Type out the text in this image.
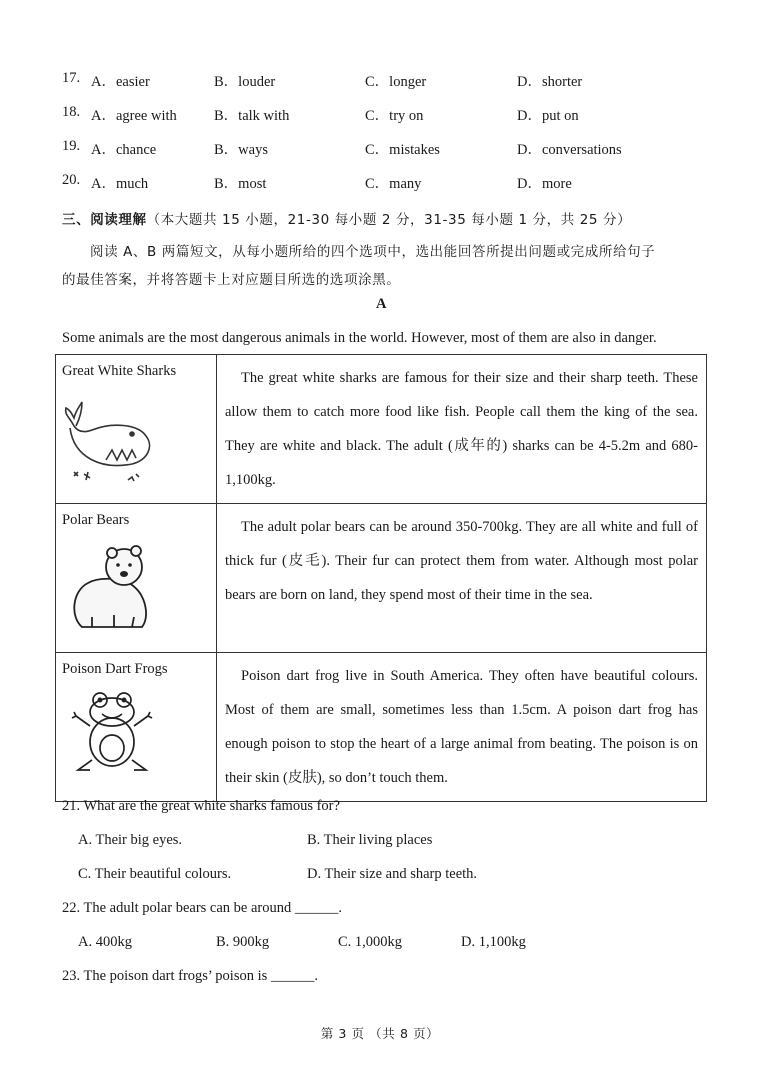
17. A．easier	B．louder	C．longer	D．shorter
18. A．agree with	B．talk with	C．try on	D．put on
19. A．chance	B．ways	C．mistakes	D．conversations
20. A．much	B．most	C．many	D．more
三、阅读理解（本大题共 15 小题，21-30 每小题 2 分，31-35 每小题 1 分，共 25 分）
阅读 A、B 两篇短文，从每小题所给的四个选项中，选出能回答所提出问题或完成所给句子
的最佳答案，并将答题卡上对应题目所选的选项涂黑。
A
Some animals are the most dangerous animals in the world. However, most of them are also in danger.
Great White Sharks	The great white sharks are famous for their size and their sharp teeth. These allow them to catch more food like fish. People call them the king of the sea. They are white and black. The adult (成年的) sharks can be 4-5.2m and 680-1,100kg.

Polar Bears	The adult polar bears can be around 350-700kg. They are all white and full of thick fur (皮毛). Their fur can protect them from water. Although most polar bears are born on land, they spend most of their time in the sea.

Poison Dart Frogs	Poison dart frog live in South America. They often have beautiful colours. Most of them are small, sometimes less than 1.5cm. A poison dart frog has enough poison to stop the heart of a large animal from beating. The poison is on their skin (皮肤), so don’t touch them.
21. What are the great white sharks famous for?
A. Their big eyes.	B. Their living places
C. Their beautiful colours.	D. Their size and sharp teeth.
22. The adult polar bears can be around ______.
A. 400kg	B. 900kg	C. 1,000kg	D. 1,100kg
23. The poison dart frogs’ poison is ______.
第 3 页 （共 8 页）
